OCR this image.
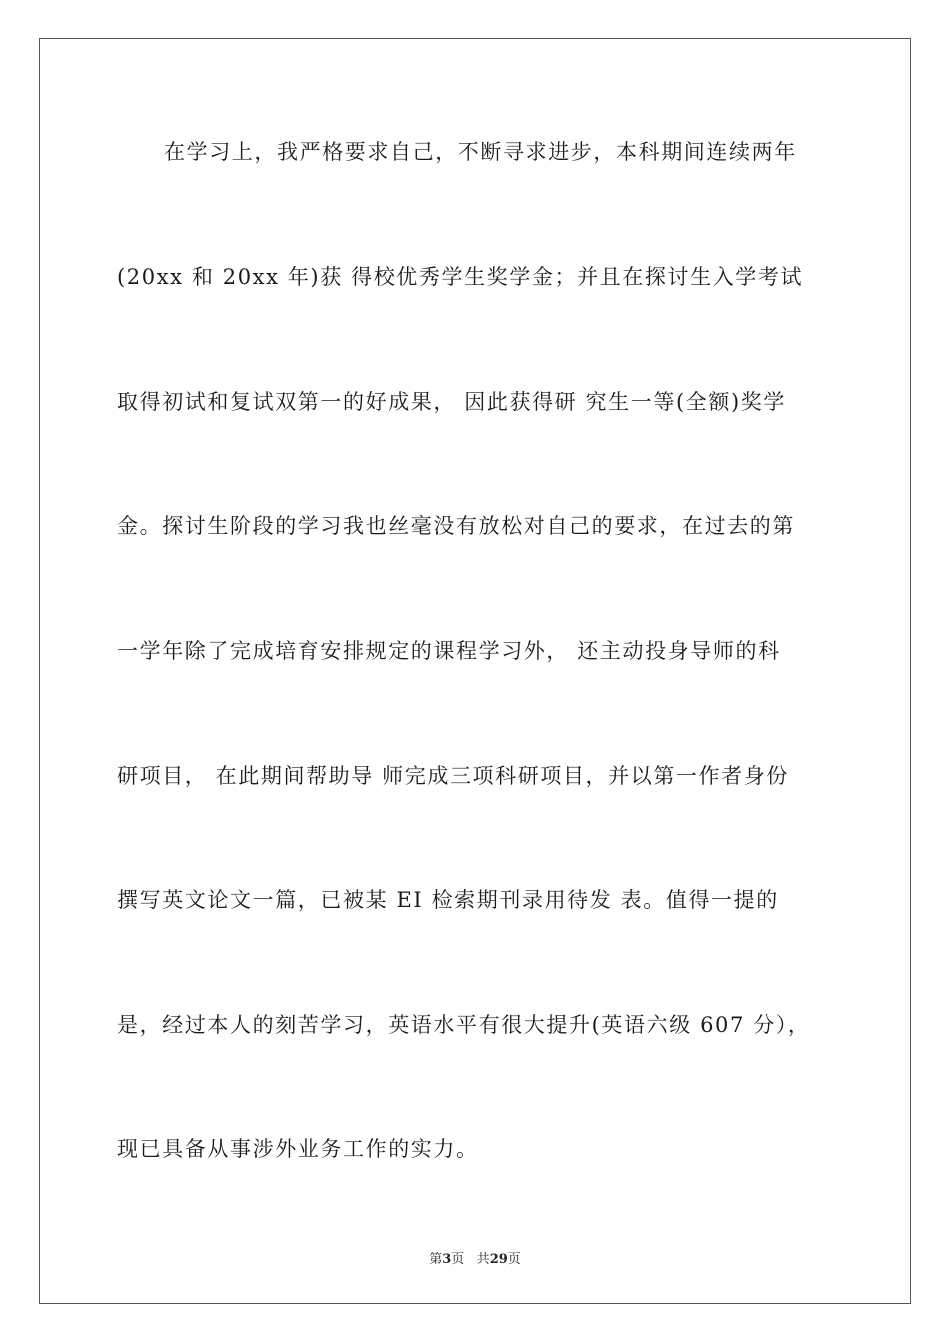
在学习上，我严格要求自己，不断寻求进步，本科期间连续两年
(20xx 和 20xx 年)获 得校优秀学生奖学金；并且在探讨生入学考试
取得初试和复试双第一的好成果， 因此获得研 究生一等(全额)奖学
金。探讨生阶段的学习我也丝毫没有放松对自己的要求，在过去的第
一学年除了完成培育安排规定的课程学习外， 还主动投身导师的科
研项目， 在此期间帮助导 师完成三项科研项目，并以第一作者身份
撰写英文论文一篇，已被某 EI 检索期刊录用待发 表。值得一提的
是，经过本人的刻苦学习，英语水平有很大提升(英语六级 607 分），
现已具备从事涉外业务工作的实力。
第3页 共29页
